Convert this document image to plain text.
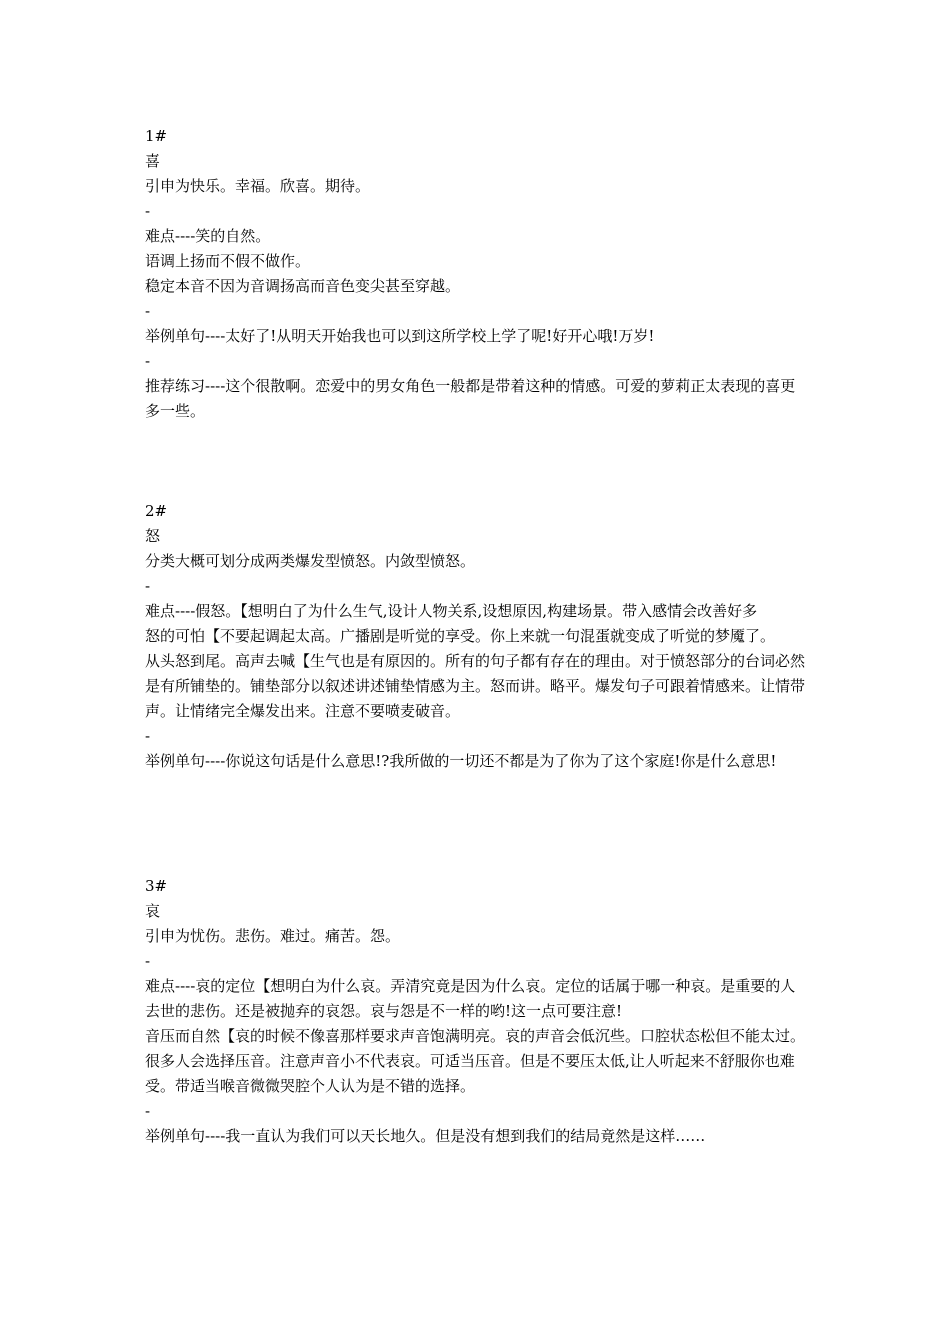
1#

喜

引申为快乐。幸福。欣喜。期待。

-

难点----笑的自然。

语调上扬而不假不做作。

稳定本音不因为音调扬高而音色变尖甚至穿越。

-

举例单句----太好了!从明天开始我也可以到这所学校上学了呢!好开心哦!万岁!

-

推荐练习----这个很散啊。恋爱中的男女角色一般都是带着这种的情感。可爱的萝莉正太表现的喜更多一些。

2#

怒

分类大概可划分成两类爆发型愤怒。内敛型愤怒。

-

难点----假怒。【想明白了为什么生气,设计人物关系,设想原因,构建场景。带入感情会改善好多

怒的可怕【不要起调起太高。广播剧是听觉的享受。你上来就一句混蛋就变成了听觉的梦魇了。

从头怒到尾。高声去喊【生气也是有原因的。所有的句子都有存在的理由。对于愤怒部分的台词必然是有所铺垫的。铺垫部分以叙述讲述铺垫情感为主。怒而讲。略平。爆发句子可跟着情感来。让情带声。让情绪完全爆发出来。注意不要喷麦破音。

-

举例单句----你说这句话是什么意思!?我所做的一切还不都是为了你为了这个家庭!你是什么意思!

3#

哀

引申为忧伤。悲伤。难过。痛苦。怨。

-

难点----哀的定位【想明白为什么哀。弄清究竟是因为什么哀。定位的话属于哪一种哀。是重要的人去世的悲伤。还是被抛弃的哀怨。哀与怨是不一样的哟!这一点可要注意!

音压而自然【哀的时候不像喜那样要求声音饱满明亮。哀的声音会低沉些。口腔状态松但不能太过。很多人会选择压音。注意声音小不代表哀。可适当压音。但是不要压太低,让人听起来不舒服你也难受。带适当喉音微微哭腔个人认为是不错的选择。

-

举例单句----我一直认为我们可以天长地久。但是没有想到我们的结局竟然是这样……
